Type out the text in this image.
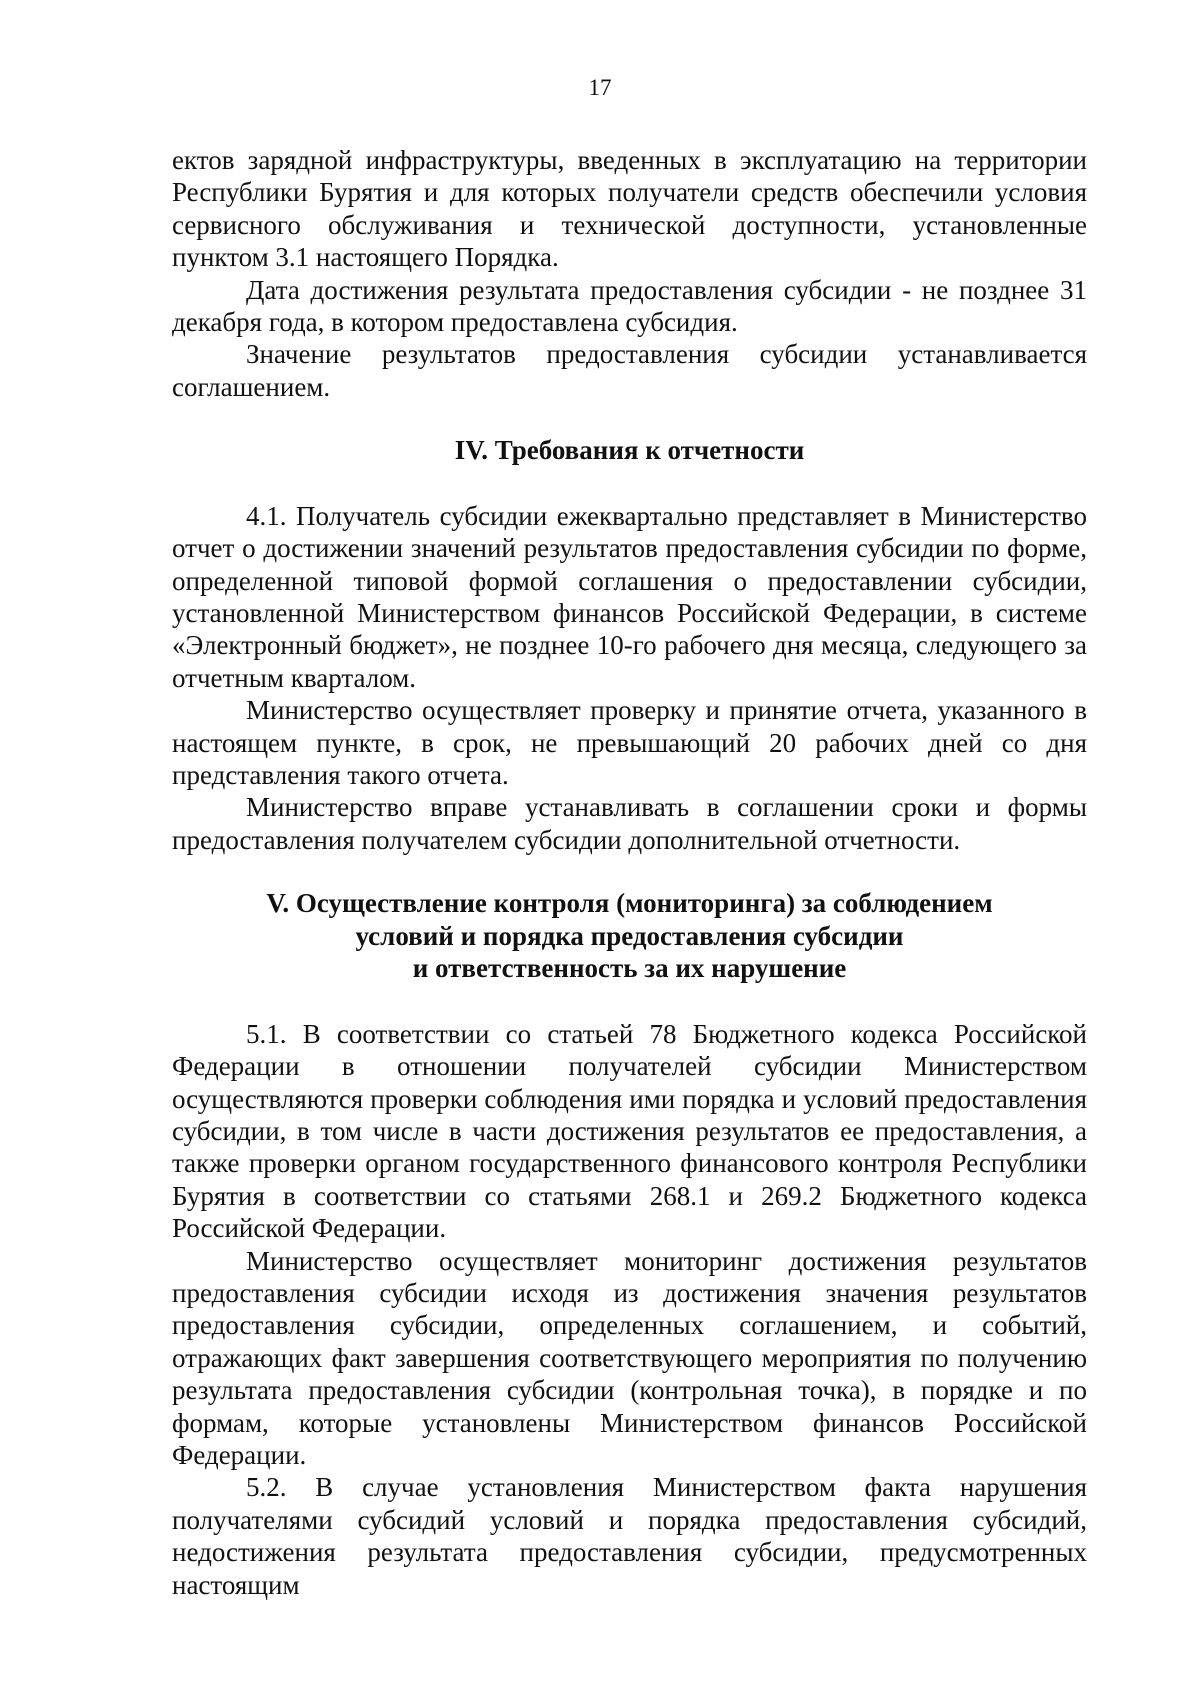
17

ектов зарядной инфраструктуры, введенных в эксплуатацию на территории Республики Бурятия и для которых получатели средств обеспечили условия сервисного обслуживания и технической доступности, установленные пунктом 3.1 настоящего Порядка.

Дата достижения результата предоставления субсидии - не позднее 31 декабря года, в котором предоставлена субсидия.

Значение результатов предоставления субсидии устанавливается соглашением.

IV. Требования к отчетности

4.1. Получатель субсидии ежеквартально представляет в Министерство отчет о достижении значений результатов предоставления субсидии по форме, определенной типовой формой соглашения о предоставлении субсидии, установленной Министерством финансов Российской Федерации, в системе «Электронный бюджет», не позднее 10-го рабочего дня месяца, следующего за отчетным кварталом.

Министерство осуществляет проверку и принятие отчета, указанного в настоящем пункте, в срок, не превышающий 20 рабочих дней со дня представления такого отчета.

Министерство вправе устанавливать в соглашении сроки и формы предоставления получателем субсидии дополнительной отчетности.

V. Осуществление контроля (мониторинга) за соблюдением
условий и порядка предоставления субсидии
и ответственность за их нарушение

5.1. В соответствии со статьей 78 Бюджетного кодекса Российской Федерации в отношении получателей субсидии Министерством осуществляются проверки соблюдения ими порядка и условий предоставления субсидии, в том числе в части достижения результатов ее предоставления, а также проверки органом государственного финансового контроля Республики Бурятия в соответствии со статьями 268.1 и 269.2 Бюджетного кодекса Российской Федерации.

Министерство осуществляет мониторинг достижения результатов предоставления субсидии исходя из достижения значения результатов предоставления субсидии, определенных соглашением, и событий, отражающих факт завершения соответствующего мероприятия по получению результата предоставления субсидии (контрольная точка), в порядке и по формам, которые установлены Министерством финансов Российской Федерации.

5.2. В случае установления Министерством факта нарушения получателями субсидий условий и порядка предоставления субсидий, недостижения результата предоставления субсидии, предусмотренных настоящим
